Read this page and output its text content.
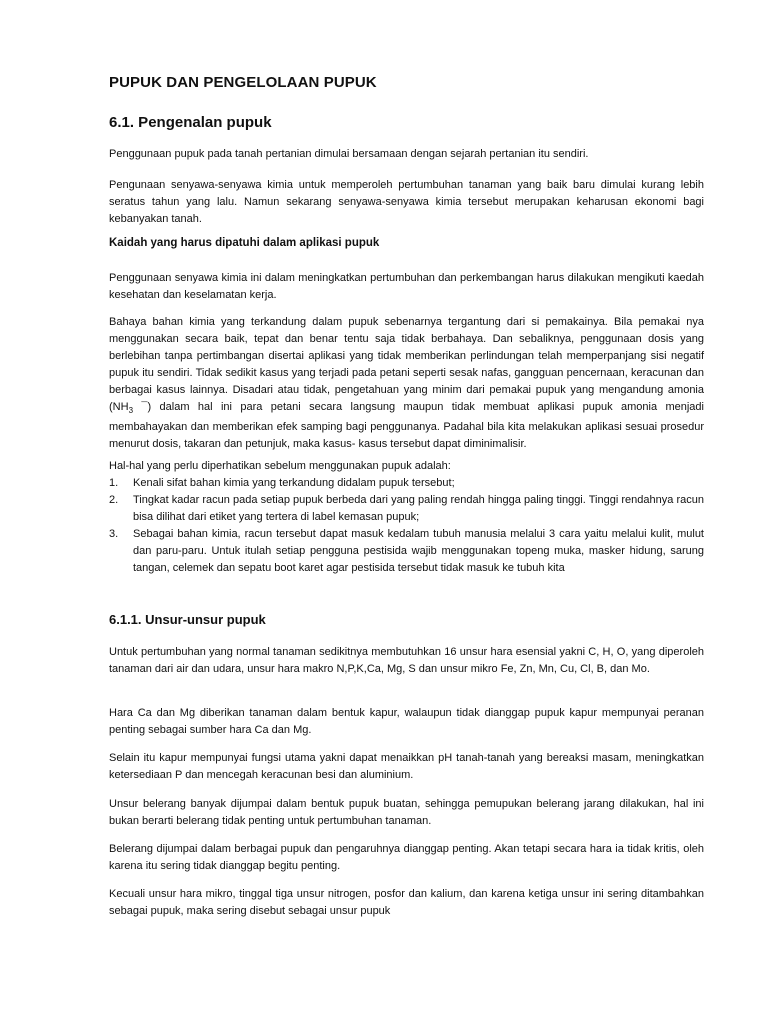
PUPUK DAN PENGELOLAAN PUPUK
6.1. Pengenalan pupuk

Penggunaan pupuk pada tanah pertanian dimulai bersamaan dengan sejarah pertanian itu sendiri.

Pengunaan senyawa-senyawa kimia untuk memperoleh pertumbuhan tanaman yang baik baru dimulai kurang lebih seratus tahun yang lalu. Namun sekarang senyawa-senyawa kimia tersebut merupakan keharusan ekonomi bagi kebanyakan tanah.

Kaidah yang harus dipatuhi dalam aplikasi pupuk

Penggunaan senyawa kimia ini dalam meningkatkan pertumbuhan dan perkembangan harus dilakukan mengikuti kaedah kesehatan dan keselamatan kerja.

Bahaya bahan kimia yang terkandung dalam pupuk sebenarnya tergantung dari si pemakainya. Bila pemakai nya menggunakan secara baik, tepat dan benar tentu saja tidak berbahaya. Dan sebaliknya, penggunaan dosis yang berlebihan tanpa pertimbangan disertai aplikasi yang tidak memberikan perlindungan telah memperpanjang sisi negatif pupuk itu sendiri. Tidak sedikit kasus yang terjadi pada petani seperti sesak nafas, gangguan pencernaan, keracunan dan berbagai kasus lainnya. Disadari atau tidak, pengetahuan yang minim dari pemakai pupuk yang mengandung amonia ($NH_3$ ¯) dalam hal ini para petani secara langsung maupun tidak membuat aplikasi pupuk amonia menjadi membahayakan dan memberikan efek samping bagi penggunanya. Padahal bila kita melakukan aplikasi sesuai prosedur menurut dosis, takaran dan petunjuk, maka kasus- kasus tersebut dapat diminimalisir.

Hal-hal yang perlu diperhatikan sebelum menggunakan pupuk adalah:

1. Kenali sifat bahan kimia yang terkandung didalam pupuk tersebut;
2. Tingkat kadar racun pada setiap pupuk berbeda dari yang paling rendah hingga paling tinggi. Tinggi rendahnya racun bisa dilihat dari etiket yang tertera di label kemasan pupuk;
3. Sebagai bahan kimia, racun tersebut dapat masuk kedalam tubuh manusia melalui 3 cara yaitu melalui kulit, mulut dan paru-paru. Untuk itulah setiap pengguna pestisida wajib menggunakan topeng muka, masker hidung, sarung tangan, celemek dan sepatu boot karet agar pestisida tersebut tidak masuk ke tubuh kita
6.1.1. Unsur-unsur pupuk

Untuk pertumbuhan yang normal tanaman sedikitnya membutuhkan 16 unsur hara esensial yakni C, H, O, yang diperoleh tanaman dari air dan udara, unsur hara makro N,P,K,Ca, Mg, S dan unsur mikro Fe, Zn, Mn, Cu, Cl, B, dan Mo.

Hara Ca dan Mg diberikan tanaman dalam bentuk kapur, walaupun tidak dianggap pupuk kapur mempunyai peranan penting sebagai sumber hara Ca dan Mg.

Selain itu kapur mempunyai fungsi utama yakni dapat menaikkan pH tanah-tanah yang bereaksi masam, meningkatkan ketersediaan P dan mencegah keracunan besi dan aluminium.

Unsur belerang banyak dijumpai dalam bentuk pupuk buatan, sehingga pemupukan belerang jarang dilakukan, hal ini bukan berarti belerang tidak penting untuk pertumbuhan tanaman.

Belerang dijumpai dalam berbagai pupuk dan pengaruhnya dianggap penting. Akan tetapi secara hara ia tidak kritis, oleh karena itu sering tidak dianggap begitu penting.

Kecuali unsur hara mikro, tinggal tiga unsur nitrogen, posfor dan kalium, dan karena ketiga unsur ini sering ditambahkan sebagai pupuk, maka sering disebut sebagai unsur pupuk
